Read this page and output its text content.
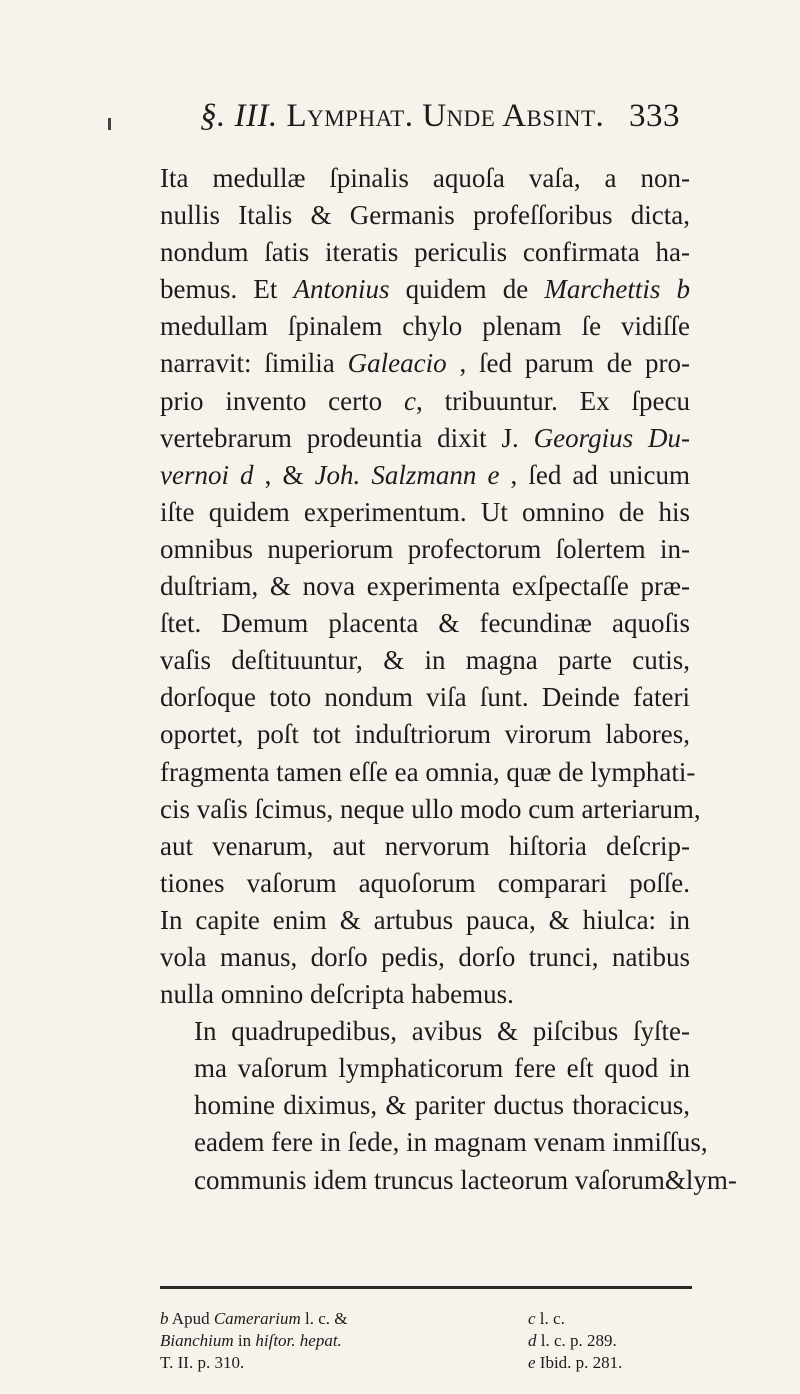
§. III. Lymphat. Unde Absint. 333

Ita medullæ ſpinalis aquoſa vaſa, a non-
nullis Italis & Germanis profeſſoribus dicta,
nondum ſatis iteratis periculis confirmata ha-
bemus. Et Antonius quidem de Marchettis b
medullam ſpinalem chylo plenam ſe vidiſſe
narravit: ſimilia Galeacio , ſed parum de pro-
prio invento certo c, tribuuntur. Ex ſpecu
vertebrarum prodeuntia dixit J. Georgius Du-
vernoi d , & Joh. Salzmann e , ſed ad unicum
iſte quidem experimentum. Ut omnino de his
omnibus nuperiorum profectorum ſolertem in-
duſtriam, & nova experimenta exſpectaſſe præ-
ſtet. Demum placenta & fecundinæ aquoſis
vaſis deſtituuntur, & in magna parte cutis,
dorſoque toto nondum viſa ſunt. Deinde fateri
oportet, poſt tot induſtriorum virorum labores,
fragmenta tamen eſſe ea omnia, quæ de lymphati-
cis vaſis ſcimus, neque ullo modo cum arteriarum,
aut venarum, aut nervorum hiſtoria deſcrip-
tiones vaſorum aquoſorum comparari poſſe.
In capite enim & artubus pauca, & hiulca: in
vola manus, dorſo pedis, dorſo trunci, natibus
nulla omnino deſcripta habemus.

In quadrupedibus, avibus & piſcibus ſyſte-
ma vaſorum lymphaticorum fere eſt quod in
homine diximus, & pariter ductus thoracicus,
eadem fere in ſede, in magnam venam inmiſſus,
communis idem truncus lacteorum vaſorum&lym-

b Apud Camerarium l. c. &
Bianchium in hiſtor. hepat.
T. II. p. 310.
c l. c.
d l. c. p. 289.
e Ibid. p. 281.
